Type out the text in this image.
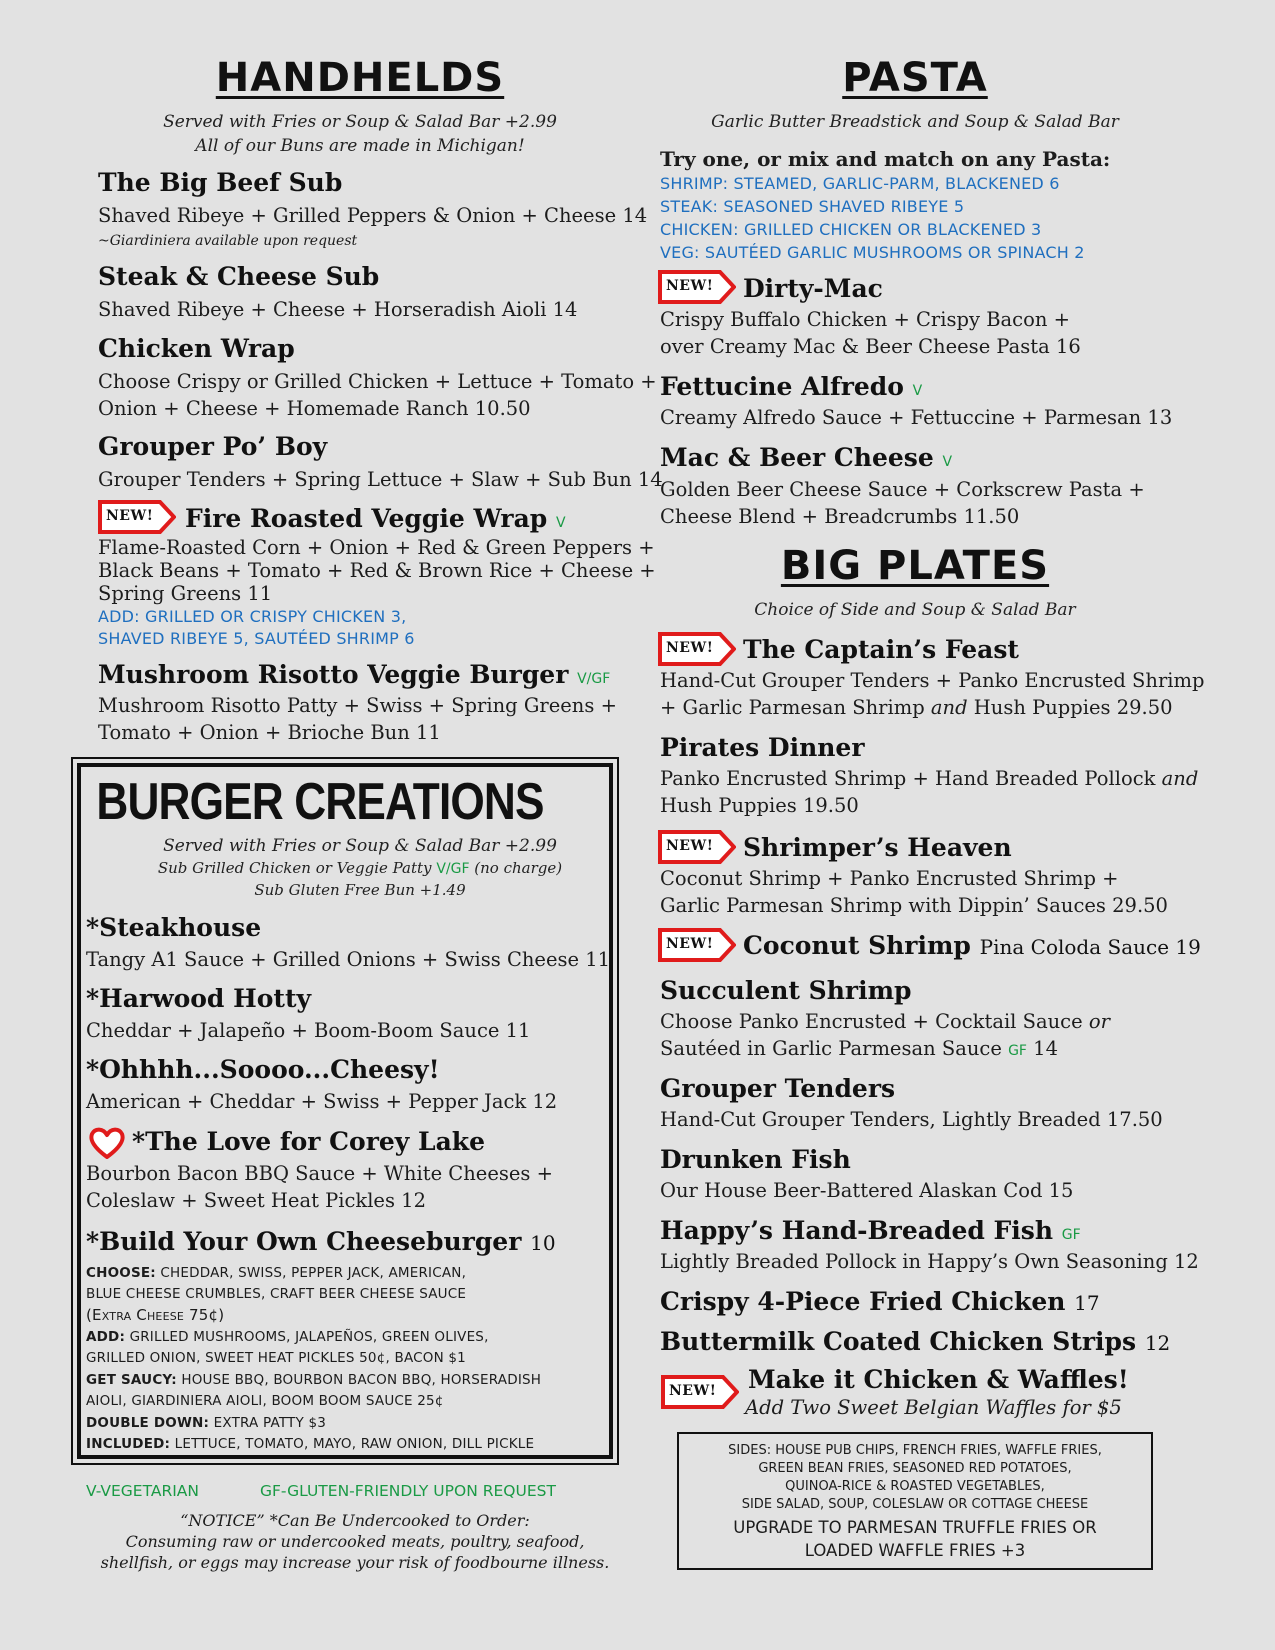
HANDHELDS
Served with Fries or Soup & Salad Bar +2.99
All of our Buns are made in Michigan!
The Big Beef Sub
Shaved Ribeye + Grilled Peppers & Onion + Cheese 14
~Giardiniera available upon request
Steak & Cheese Sub
Shaved Ribeye + Cheese + Horseradish Aioli 14
Chicken Wrap
Choose Crispy or Grilled Chicken + Lettuce + Tomato +
Onion + Cheese + Homemade Ranch 10.50
Grouper Po’ Boy
Grouper Tenders + Spring Lettuce + Slaw + Sub Bun 14
NEW! Fire Roasted Veggie Wrap V
Flame-Roasted Corn + Onion + Red & Green Peppers +
Black Beans + Tomato + Red & Brown Rice + Cheese +
Spring Greens 11
ADD: GRILLED OR CRISPY CHICKEN 3,
SHAVED RIBEYE 5, SAUTÉED SHRIMP 6
Mushroom Risotto Veggie Burger V/GF
Mushroom Risotto Patty + Swiss + Spring Greens +
Tomato + Onion + Brioche Bun 11
BURGER CREATIONS
Served with Fries or Soup & Salad Bar +2.99
Sub Grilled Chicken or Veggie Patty V/GF (no charge)
Sub Gluten Free Bun +1.49
*Steakhouse
Tangy A1 Sauce + Grilled Onions + Swiss Cheese 11
*Harwood Hotty
Cheddar + Jalapeño + Boom-Boom Sauce 11
*Ohhhh...Soooo...Cheesy!
American + Cheddar + Swiss + Pepper Jack 12
*The Love for Corey Lake
Bourbon Bacon BBQ Sauce + White Cheeses +
Coleslaw + Sweet Heat Pickles 12
*Build Your Own Cheeseburger 10
CHOOSE: CHEDDAR, SWISS, PEPPER JACK, AMERICAN,
BLUE CHEESE CRUMBLES, CRAFT BEER CHEESE SAUCE
(Extra Cheese 75¢)
ADD: GRILLED MUSHROOMS, JALAPEÑOS, GREEN OLIVES,
GRILLED ONION, SWEET HEAT PICKLES 50¢, BACON $1
GET SAUCY: HOUSE BBQ, BOURBON BACON BBQ, HORSERADISH
AIOLI, GIARDINIERA AIOLI, BOOM BOOM SAUCE 25¢
DOUBLE DOWN: EXTRA PATTY $3
INCLUDED: LETTUCE, TOMATO, MAYO, RAW ONION, DILL PICKLE
V-VEGETARIAN	GF-GLUTEN-FRIENDLY UPON REQUEST
“NOTICE” *Can Be Undercooked to Order:
Consuming raw or undercooked meats, poultry, seafood,
shellfish, or eggs may increase your risk of foodbourne illness.
PASTA
Garlic Butter Breadstick and Soup & Salad Bar
Try one, or mix and match on any Pasta:
SHRIMP: STEAMED, GARLIC-PARM, BLACKENED 6
STEAK: SEASONED SHAVED RIBEYE 5
CHICKEN: GRILLED CHICKEN OR BLACKENED 3
VEG: SAUTÉED GARLIC MUSHROOMS OR SPINACH 2
NEW! Dirty-Mac
Crispy Buffalo Chicken + Crispy Bacon +
over Creamy Mac & Beer Cheese Pasta 16
Fettucine Alfredo V
Creamy Alfredo Sauce + Fettuccine + Parmesan 13
Mac & Beer Cheese V
Golden Beer Cheese Sauce + Corkscrew Pasta +
Cheese Blend + Breadcrumbs 11.50
BIG PLATES
Choice of Side and Soup & Salad Bar
NEW! The Captain’s Feast
Hand-Cut Grouper Tenders + Panko Encrusted Shrimp
+ Garlic Parmesan Shrimp and Hush Puppies 29.50
Pirates Dinner
Panko Encrusted Shrimp + Hand Breaded Pollock and
Hush Puppies 19.50
NEW! Shrimper’s Heaven
Coconut Shrimp + Panko Encrusted Shrimp +
Garlic Parmesan Shrimp with Dippin’ Sauces 29.50
NEW! Coconut Shrimp Pina Coloda Sauce 19
Succulent Shrimp
Choose Panko Encrusted + Cocktail Sauce or
Sautéed in Garlic Parmesan Sauce GF 14
Grouper Tenders
Hand-Cut Grouper Tenders, Lightly Breaded 17.50
Drunken Fish
Our House Beer-Battered Alaskan Cod 15
Happy’s Hand-Breaded Fish GF
Lightly Breaded Pollock in Happy’s Own Seasoning 12
Crispy 4-Piece Fried Chicken 17
Buttermilk Coated Chicken Strips 12
NEW! Make it Chicken & Waffles!
Add Two Sweet Belgian Waffles for $5
SIDES: HOUSE PUB CHIPS, FRENCH FRIES, WAFFLE FRIES,
GREEN BEAN FRIES, SEASONED RED POTATOES,
QUINOA-RICE & ROASTED VEGETABLES,
SIDE SALAD, SOUP, COLESLAW OR COTTAGE CHEESE
UPGRADE TO PARMESAN TRUFFLE FRIES OR
LOADED WAFFLE FRIES +3
